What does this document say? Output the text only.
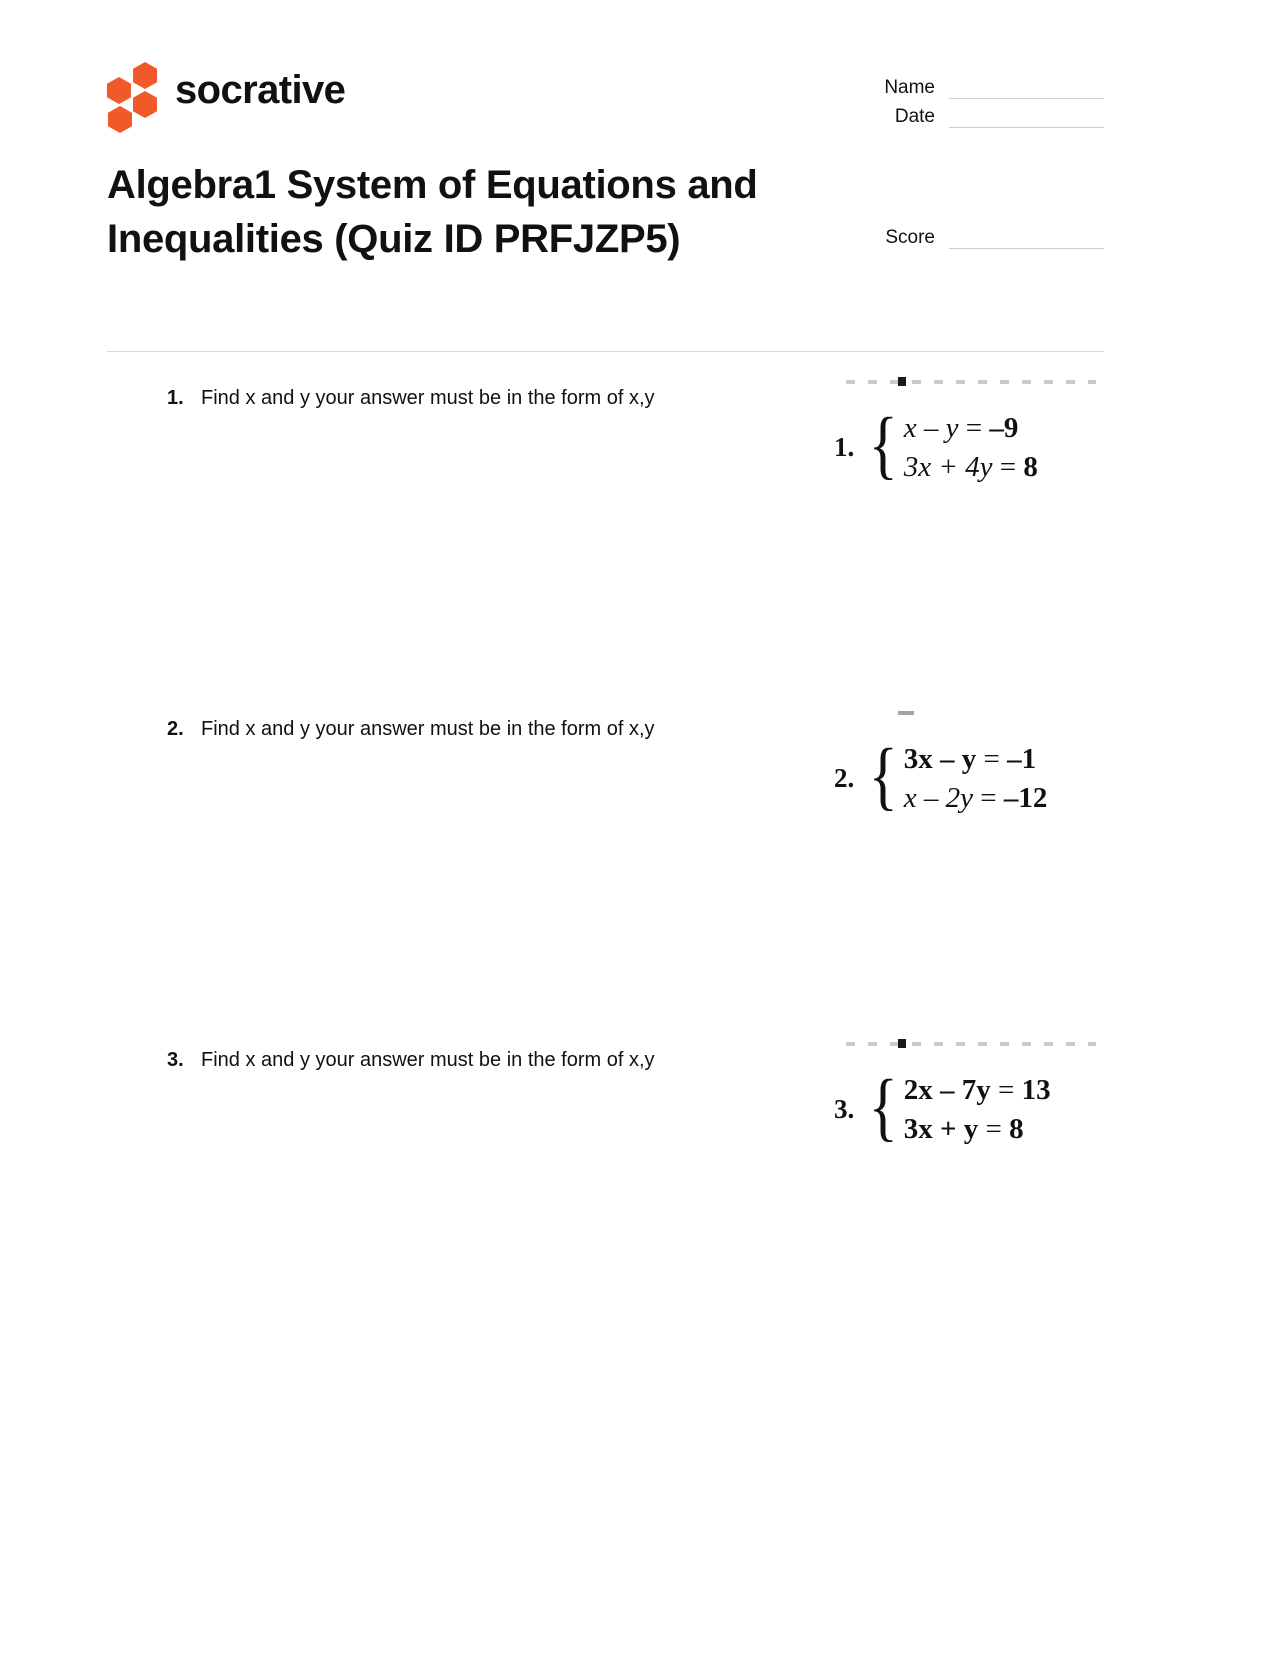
socrative	Name
Date
Score
Algebra1 System of Equations and Inequalities (Quiz ID PRFJZP5)
1. Find x and y your answer must be in the form of x,y
1. { x – y = –9
3x + 4y = 8
2. Find x and y your answer must be in the form of x,y
2. { 3x – y = –1
x – 2y = –12
3. Find x and y your answer must be in the form of x,y
3. { 2x – 7y = 13
3x + y = 8
